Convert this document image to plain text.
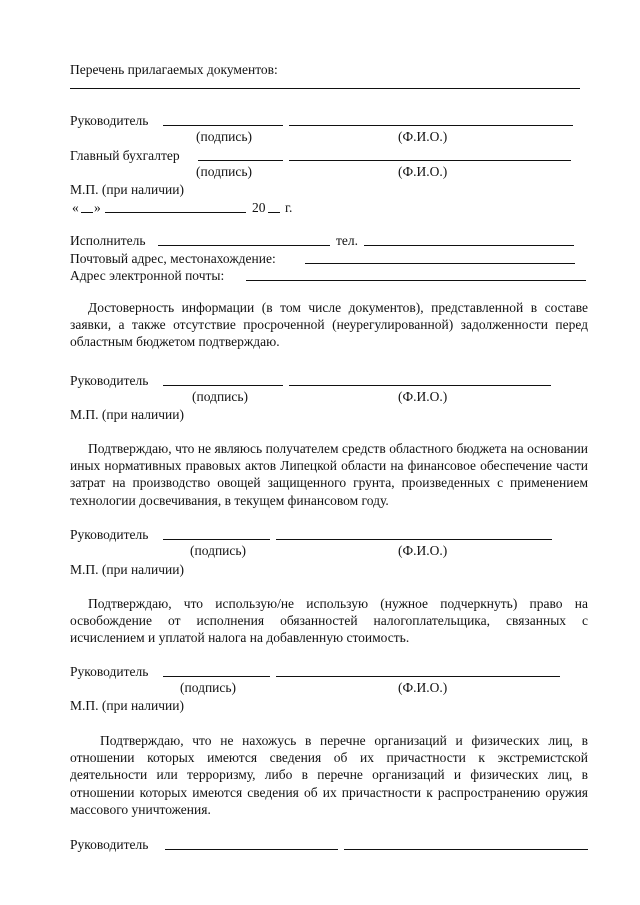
Перечень прилагаемых документов:
Руководитель
(подпись)	(Ф.И.О.)
Главный бухгалтер
(подпись)	(Ф.И.О.)
М.П. (при наличии)
« »	20 г.
Исполнитель	тел.
Почтовый адрес, местонахождение:
Адрес электронной почты:
Достоверность информации (в том числе документов), представленной в составе заявки, а также отсутствие просроченной (неурегулированной) задолженности перед областным бюджетом подтверждаю.
Руководитель
(подпись)	(Ф.И.О.)
М.П. (при наличии)
Подтверждаю, что не являюсь получателем средств областного бюджета на основании иных нормативных правовых актов Липецкой области на финансовое обеспечение части затрат на производство овощей защищенного грунта, произведенных с применением технологии досвечивания, в текущем финансовом году.
Руководитель
(подпись)	(Ф.И.О.)
М.П. (при наличии)
Подтверждаю, что использую/не использую (нужное подчеркнуть) право на освобождение от исполнения обязанностей налогоплательщика, связанных с исчислением и уплатой налога на добавленную стоимость.
Руководитель
(подпись)	(Ф.И.О.)
М.П. (при наличии)
Подтверждаю, что не нахожусь в перечне организаций и физических лиц, в отношении которых имеются сведения об их причастности к экстремистской деятельности или терроризму, либо в перечне организаций и физических лиц, в отношении которых имеются сведения об их причастности к распространению оружия массового уничтожения.
Руководитель
